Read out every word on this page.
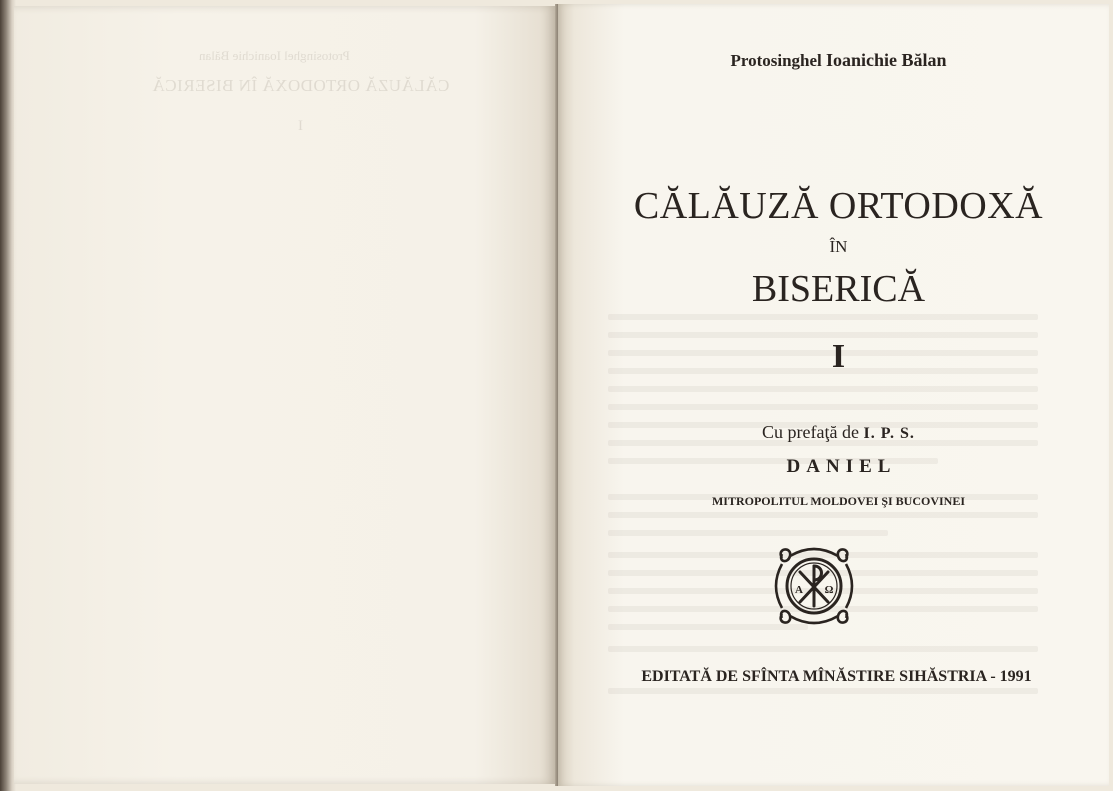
Protosinghel Ioanichie Bălan
CĂLĂUZĂ ORTODOXĂ ÎN BISERICĂ
I
Protosinghel Ioanichie Bălan
CĂLĂUZĂ ORTODOXĂ
ÎN
BISERICĂ
I
Cu prefaţă de I. P. S.
DANIEL
MITROPOLITUL MOLDOVEI ŞI BUCOVINEI
A Ω
EDITATĂ DE SFÎNTA MÎNĂSTIRE SIHĂSTRIA - 1991
